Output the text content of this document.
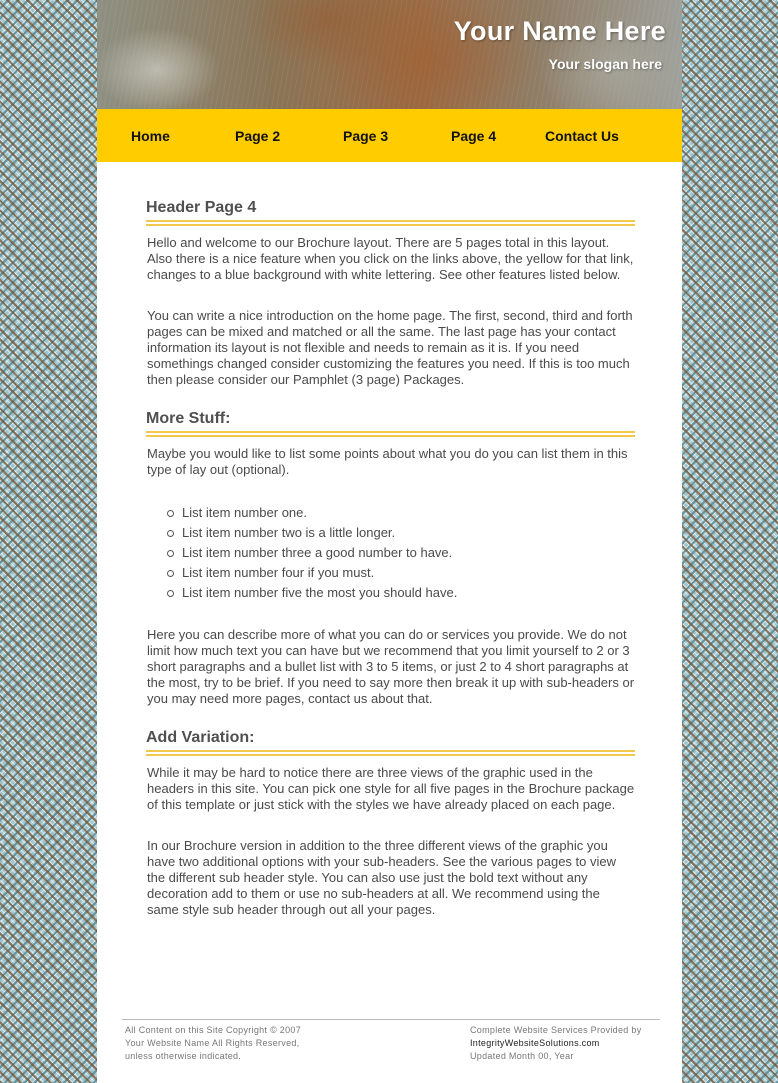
Your Name Here
Your slogan here
Home	Page 2	Page 3	Page 4	Contact Us
Header Page 4

Hello and welcome to our Brochure layout. There are 5 pages total in this layout. Also there is a nice feature when you click on the links above, the yellow for that link, changes to a blue background with white lettering. See other features listed below.

You can write a nice introduction on the home page. The first, second, third and forth pages can be mixed and matched or all the same. The last page has your contact information its layout is not flexible and needs to remain as it is. If you need somethings changed consider customizing the features you need. If this is too much then please consider our Pamphlet (3 page) Packages.

More Stuff:

Maybe you would like to list some points about what you do you can list them in this type of lay out (optional).

List item number one.
List item number two is a little longer.
List item number three a good number to have.
List item number four if you must.
List item number five the most you should have.

Here you can describe more of what you can do or services you provide. We do not limit how much text you can have but we recommend that you limit yourself to 2 or 3 short paragraphs and a bullet list with 3 to 5 items, or just 2 to 4 short paragraphs at the most, try to be brief. If you need to say more then break it up with sub-headers or you may need more pages, contact us about that.

Add Variation:

While it may be hard to notice there are three views of the graphic used in the headers in this site. You can pick one style for all five pages in the Brochure package of this template or just stick with the styles we have already placed on each page.

In our Brochure version in addition to the three different views of the graphic you have two additional options with your sub-headers. See the various pages to view the different sub header style. You can also use just the bold text without any decoration add to them or use no sub-headers at all. We recommend using the same style sub header through out all your pages.

All Content on this Site Copyright © 2007
Your Website Name All Rights Reserved,
unless otherwise indicated.
Complete Website Services Provided by
IntegrityWebsiteSolutions.com
Updated Month 00, Year
